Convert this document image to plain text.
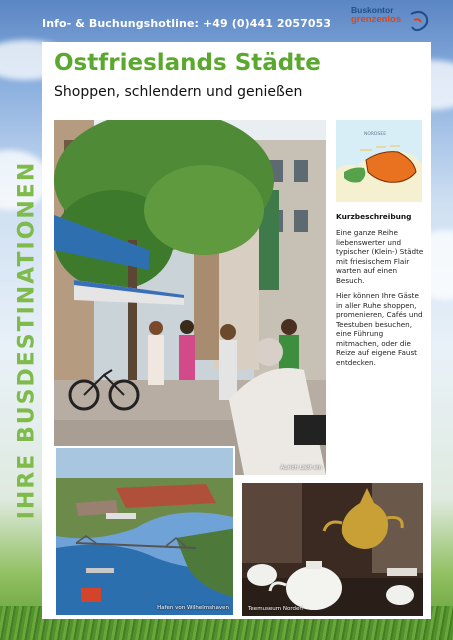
Info- & Buchungshotline: +49 (0)441 2057053
Buskontor
grenzenlos
IHRE BUSDESTINATIONEN
Ostfrieslands Städte
Shoppen, schlendern und genießen
Aurich Lädt ein
NORDSEE
Kurzbeschreibung

Eine ganze Reihe liebenswerter und typischer (Klein-) Städte mit friesischem Flair warten auf einen Besuch.

Hier können Ihre Gäste in aller Ruhe shoppen, promenieren, Cafés und Teestuben besuchen, eine Führung mitmachen, oder die Reize auf eigene Faust entdecken.

Hafen von Wilhelmshaven	Teemuseum Norden
